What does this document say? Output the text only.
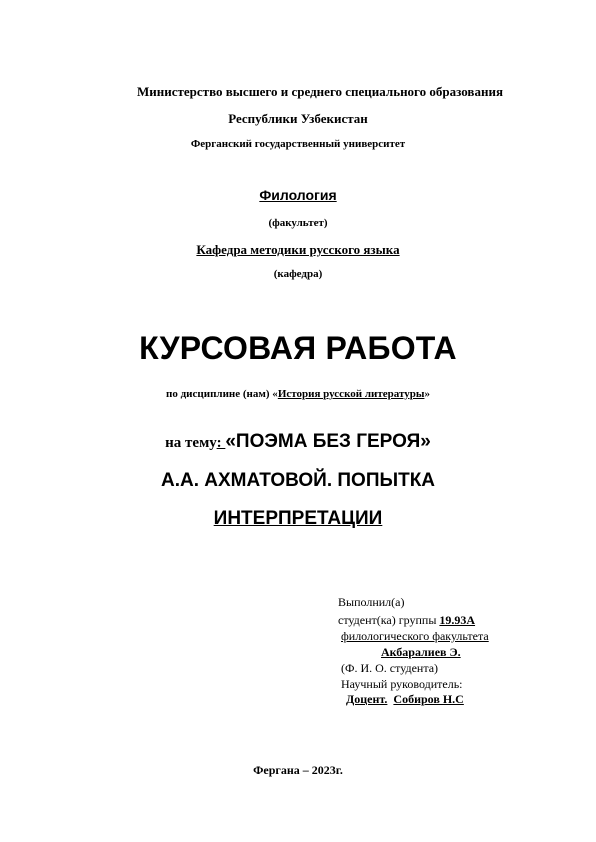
Министерство высшего и среднего специального образования
Республики Узбекистан
Ферганский государственный университет
Филология
(факультет)
Кафедра методики русского языка
(кафедра)
КУРСОВАЯ РАБОТА
по дисциплине (нам) «История русской литературы»
на тему: «ПОЭМА БЕЗ ГЕРОЯ»
А.А. АХМАТОВОЙ. ПОПЫТКА
ИНТЕРПРЕТАЦИИ
Выполнил(а)
студент(ка) группы 19.93А
филологического факультета
Акбаралиев Э.
(Ф. И. О. студента)
Научный руководитель:
Доцент. Собиров Н.С
Фергана – 2023г.
